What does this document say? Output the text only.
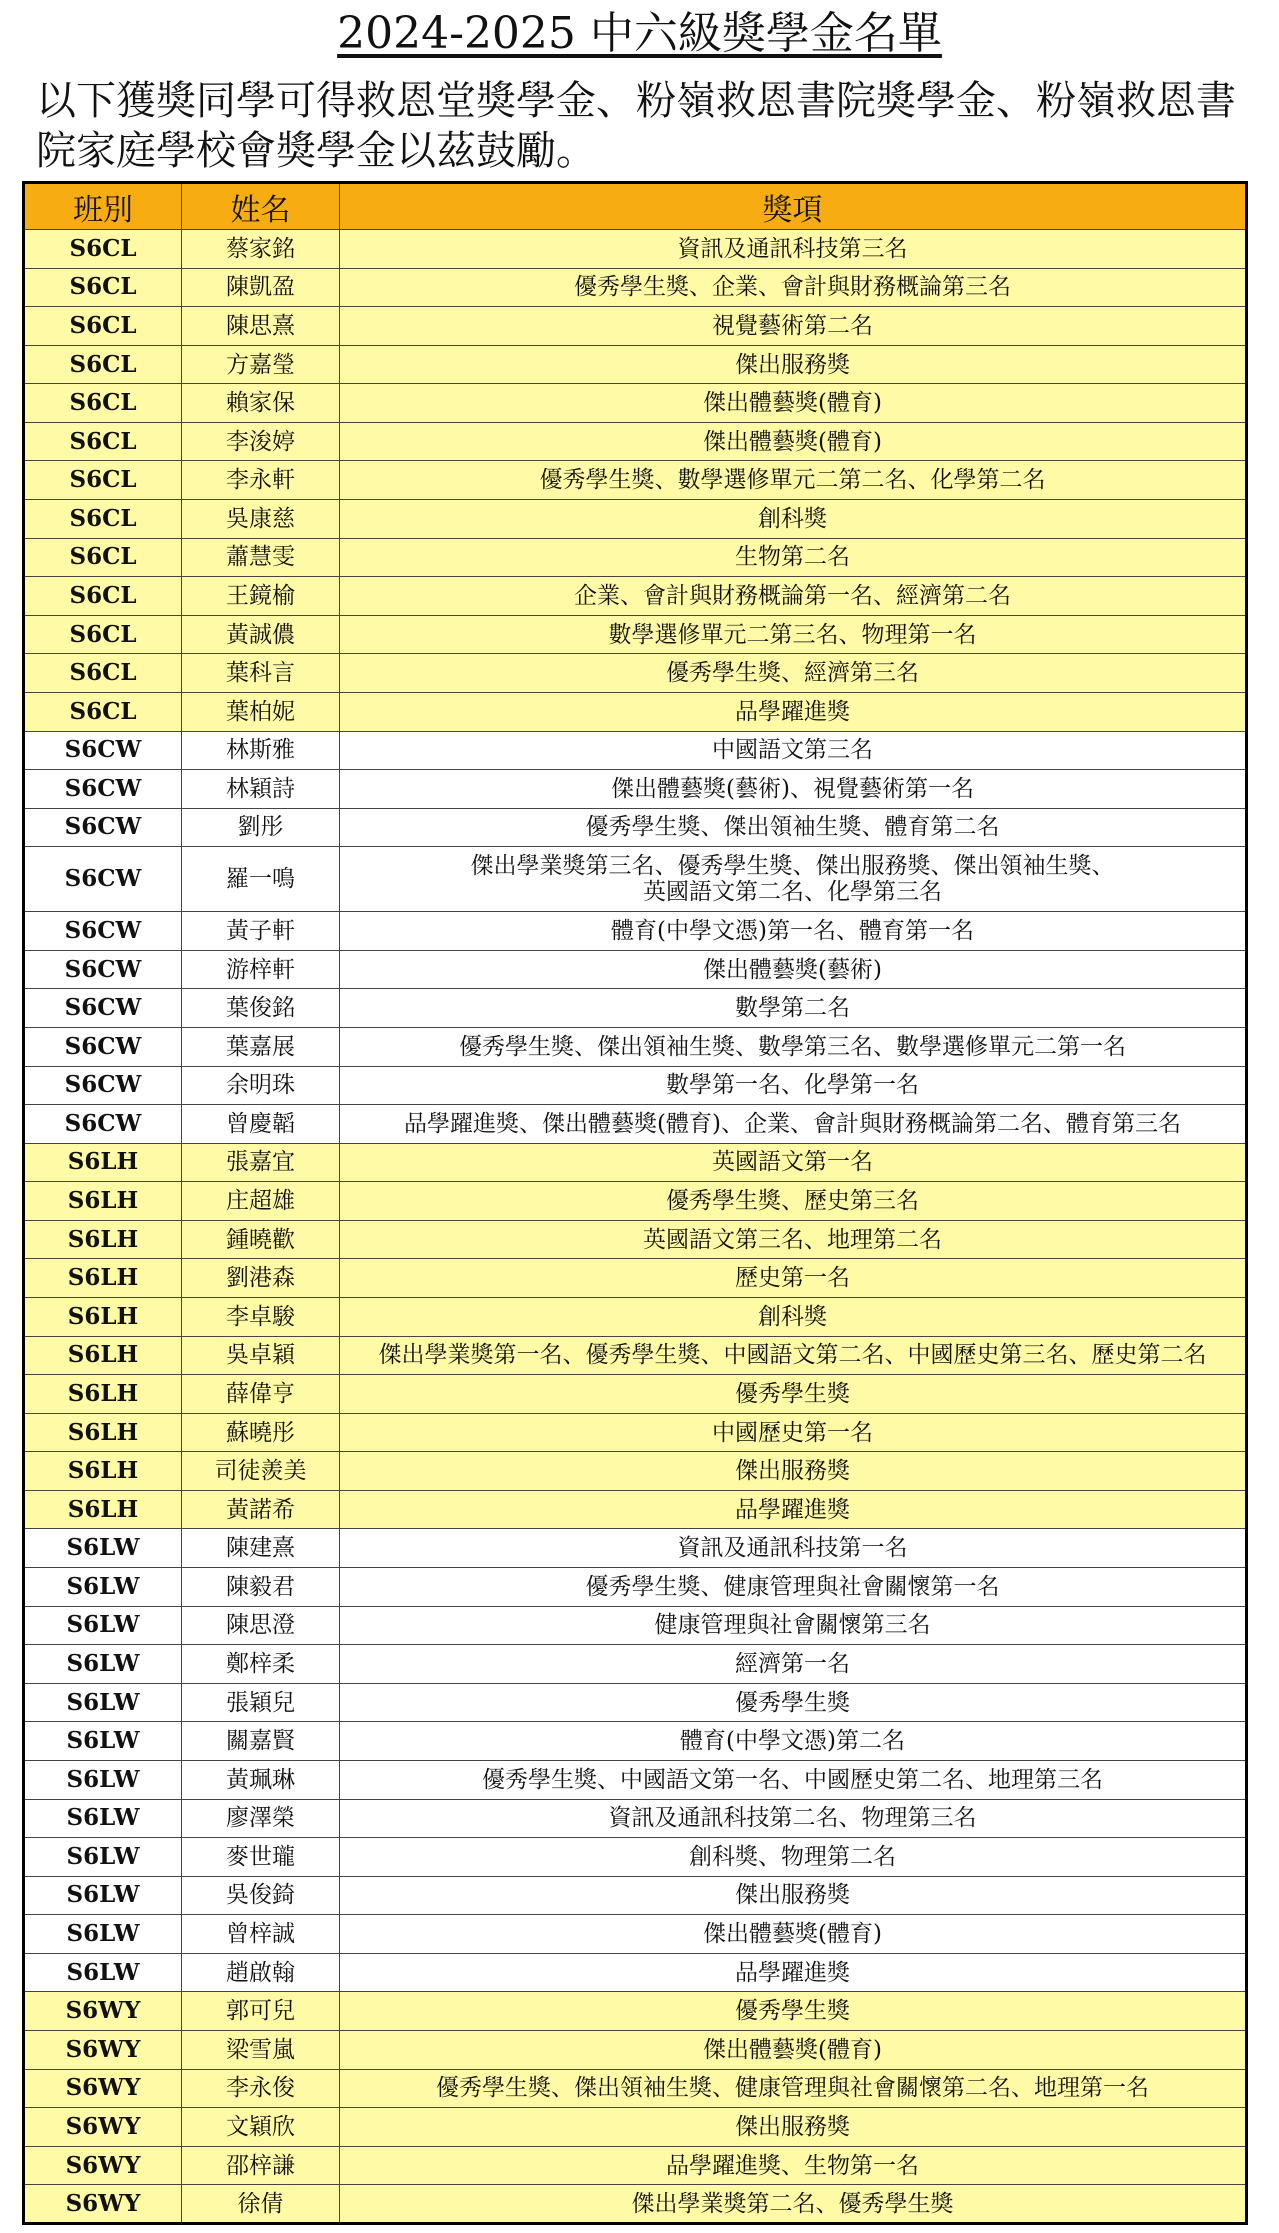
2024-2025 中六級獎學金名單
以下獲獎同學可得救恩堂獎學金、粉嶺救恩書院獎學金、粉嶺救恩書院家庭學校會獎學金以茲鼓勵。
班別	姓名	獎項
S6CL	蔡家銘	資訊及通訊科技第三名
S6CL	陳凱盈	優秀學生獎、企業、會計與財務概論第三名
S6CL	陳思熹	視覺藝術第二名
S6CL	方嘉瑩	傑出服務獎
S6CL	賴家保	傑出體藝獎(體育)
S6CL	李浚婷	傑出體藝獎(體育)
S6CL	李永軒	優秀學生獎、數學選修單元二第二名、化學第二名
S6CL	吳康慈	創科獎
S6CL	蕭慧雯	生物第二名
S6CL	王鏡榆	企業、會計與財務概論第一名、經濟第二名
S6CL	黃誠儂	數學選修單元二第三名、物理第一名
S6CL	葉科言	優秀學生獎、經濟第三名
S6CL	葉柏妮	品學躍進獎
S6CW	林斯雅	中國語文第三名
S6CW	林穎詩	傑出體藝獎(藝術)、視覺藝術第一名
S6CW	劉彤	優秀學生獎、傑出領袖生獎、體育第二名
S6CW	羅一鳴	傑出學業獎第三名、優秀學生獎、傑出服務獎、傑出領袖生獎、
英國語文第二名、化學第三名

S6CW	黃子軒	體育(中學文憑)第一名、體育第一名
S6CW	游梓軒	傑出體藝獎(藝術)
S6CW	葉俊銘	數學第二名
S6CW	葉嘉展	優秀學生獎、傑出領袖生獎、數學第三名、數學選修單元二第一名
S6CW	余明珠	數學第一名、化學第一名
S6CW	曾慶韜	品學躍進獎、傑出體藝獎(體育)、企業、會計與財務概論第二名、體育第三名
S6LH	張嘉宜	英國語文第一名
S6LH	庄超雄	優秀學生獎、歷史第三名
S6LH	鍾曉歡	英國語文第三名、地理第二名
S6LH	劉港森	歷史第一名
S6LH	李卓駿	創科獎
S6LH	吳卓穎	傑出學業獎第一名、優秀學生獎、中國語文第二名、中國歷史第三名、歷史第二名
S6LH	薛偉亨	優秀學生獎
S6LH	蘇曉彤	中國歷史第一名
S6LH	司徒羨美	傑出服務獎
S6LH	黃諾希	品學躍進獎
S6LW	陳建熹	資訊及通訊科技第一名
S6LW	陳毅君	優秀學生獎、健康管理與社會關懷第一名
S6LW	陳思澄	健康管理與社會關懷第三名
S6LW	鄭梓柔	經濟第一名
S6LW	張穎兒	優秀學生獎
S6LW	關嘉賢	體育(中學文憑)第二名
S6LW	黃珮琳	優秀學生獎、中國語文第一名、中國歷史第二名、地理第三名
S6LW	廖澤榮	資訊及通訊科技第二名、物理第三名
S6LW	麥世瓏	創科獎、物理第二名
S6LW	吳俊錡	傑出服務獎
S6LW	曾梓誠	傑出體藝獎(體育)
S6LW	趙啟翰	品學躍進獎
S6WY	郭可兒	優秀學生獎
S6WY	梁雪嵐	傑出體藝獎(體育)
S6WY	李永俊	優秀學生獎、傑出領袖生獎、健康管理與社會關懷第二名、地理第一名
S6WY	文穎欣	傑出服務獎
S6WY	邵梓謙	品學躍進獎、生物第一名
S6WY	徐倩	傑出學業獎第二名、優秀學生獎
